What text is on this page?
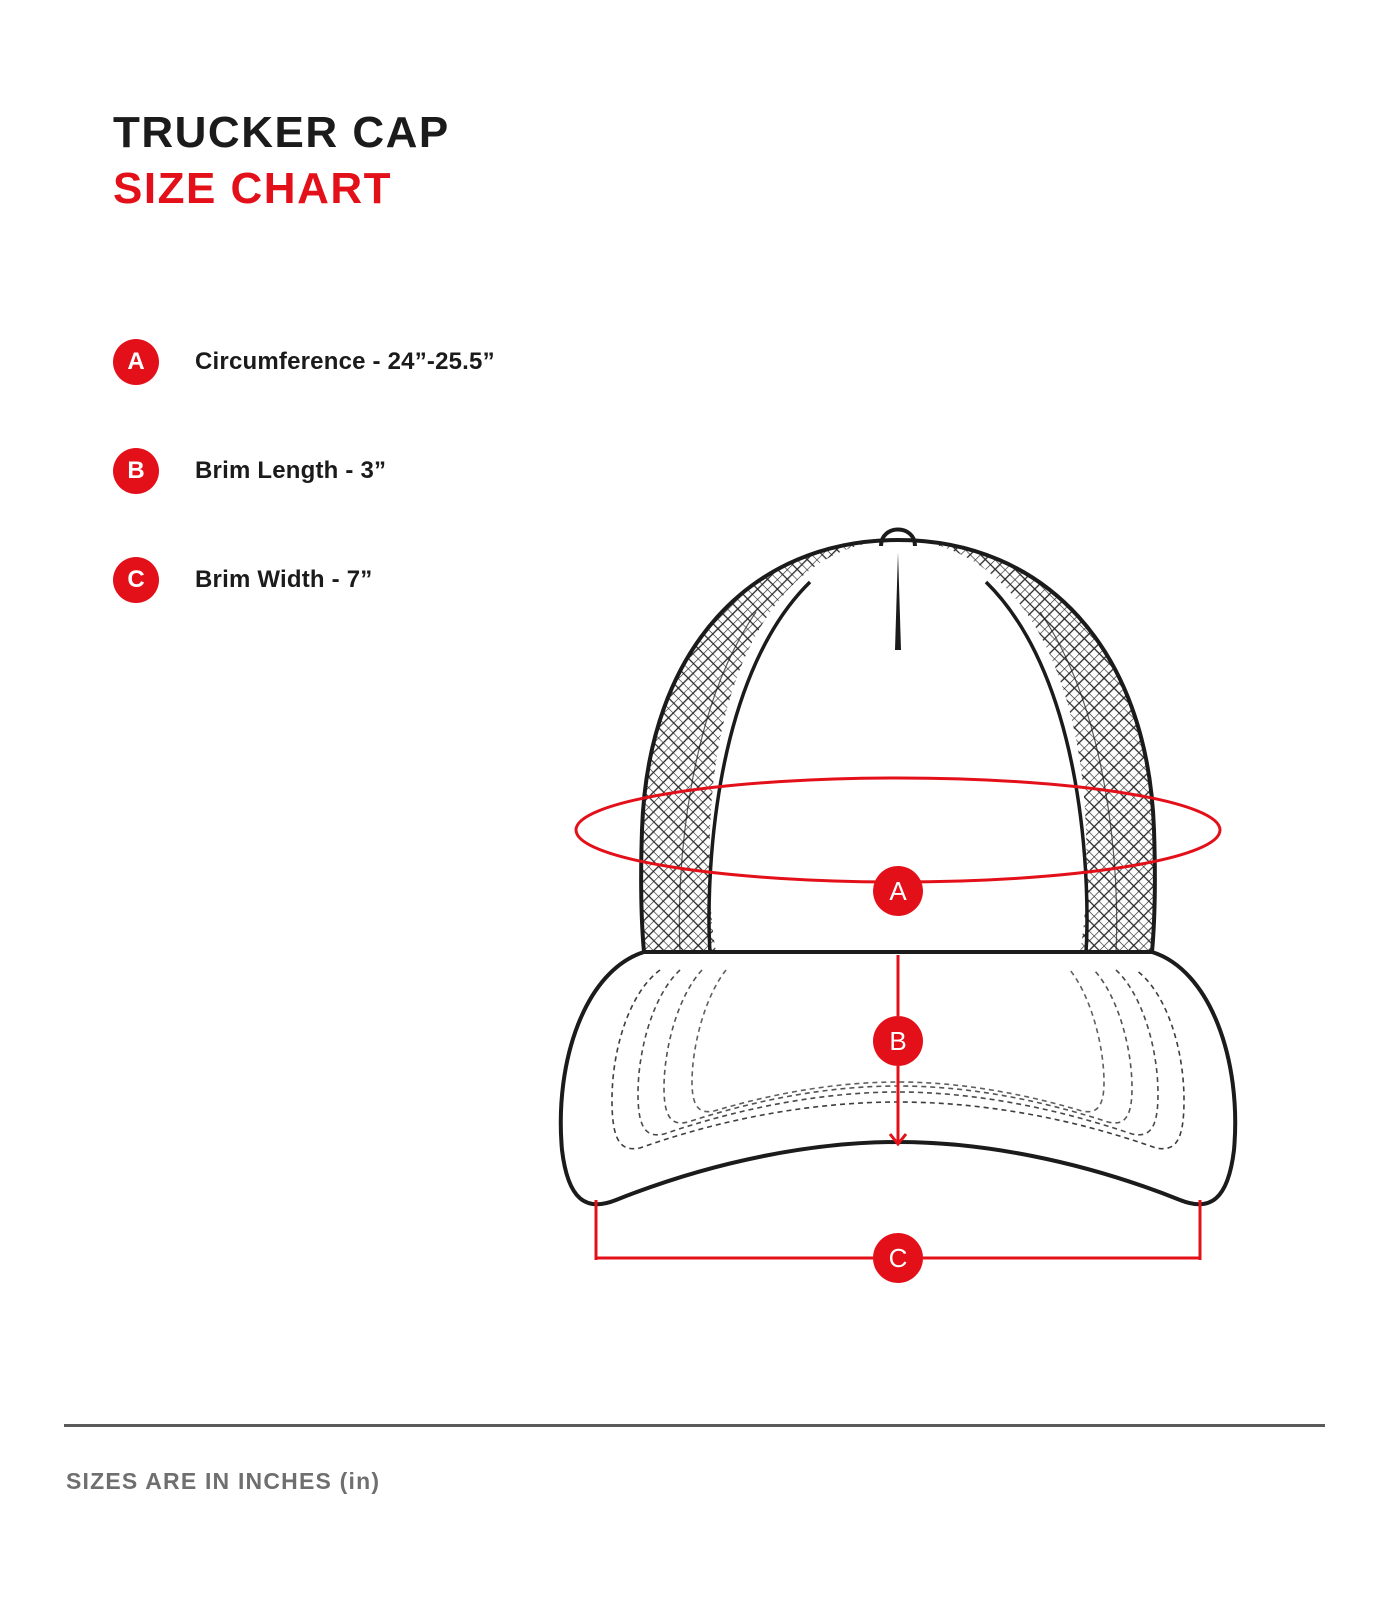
TRUCKER CAP
SIZE CHART
A	Circumference - 24”-25.5”
B	Brim Length - 3”
C	Brim Width - 7”
A
B
C
SIZES ARE IN INCHES (in)
